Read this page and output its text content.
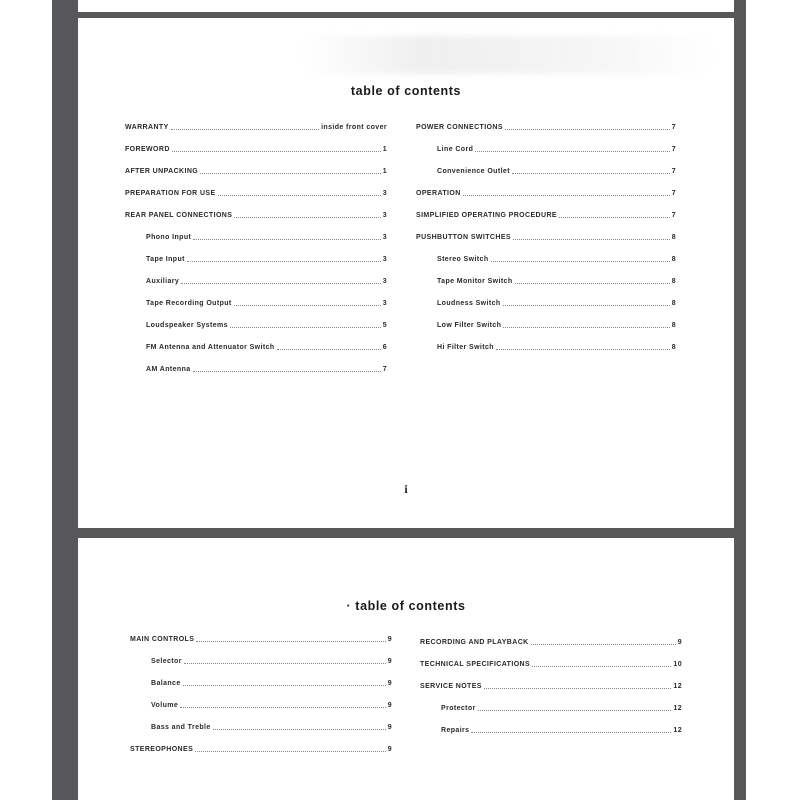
table of contents
WARRANTY	inside front cover
FOREWORD	1
AFTER UNPACKING	1
PREPARATION FOR USE	3
REAR PANEL CONNECTIONS	3
Phono Input	3
Tape Input	3
Auxiliary	3
Tape Recording Output	3
Loudspeaker Systems	5
FM Antenna and Attenuator Switch	6
AM Antenna	7
POWER CONNECTIONS	7
Line Cord	7
Convenience Outlet	7
OPERATION	7
SIMPLIFIED OPERATING PROCEDURE	7
PUSHBUTTON SWITCHES	8
Stereo Switch	8
Tape Monitor Switch	8
Loudness Switch	8
Low Filter Switch	8
Hi Filter Switch	8
i
· table of contents
MAIN CONTROLS	9
Selector	9
Balance	9
Volume	9
Bass and Treble	9
STEREOPHONES	9
RECORDING AND PLAYBACK	9
TECHNICAL SPECIFICATIONS	10
SERVICE NOTES	12
Protector	12
Repairs	12
